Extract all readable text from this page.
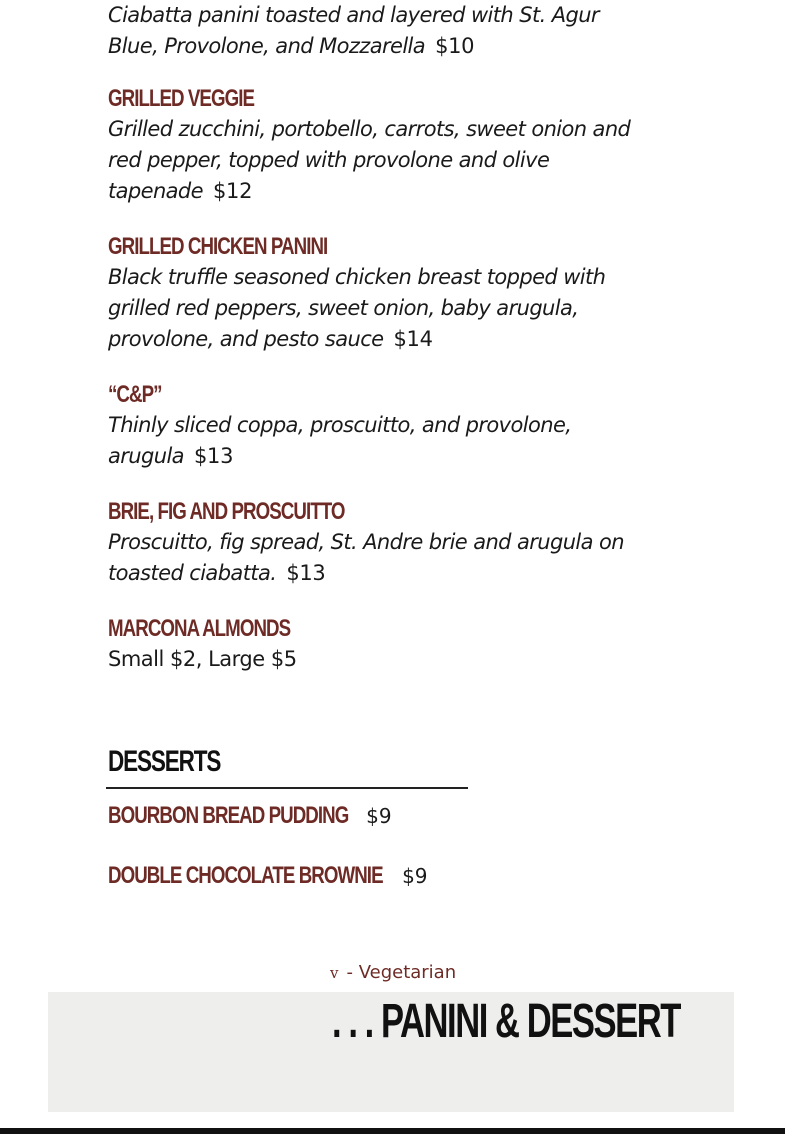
Ciabatta panini toasted and layered with St. Agur
Blue, Provolone, and Mozzarella $10
GRILLED VEGGIE
Grilled zucchini, portobello, carrots, sweet onion and
red pepper, topped with provolone and olive
tapenade $12
GRILLED CHICKEN PANINI
Black truffle seasoned chicken breast topped with
grilled red peppers, sweet onion, baby arugula,
provolone, and pesto sauce $14
“C&P”
Thinly sliced coppa, proscuitto, and provolone,
arugula $13
BRIE, FIG AND PROSCUITTO
Proscuitto, fig spread, St. Andre brie and arugula on
toasted ciabatta. $13
MARCONA ALMONDS
Small $2, Large $5
DESSERTS
BOURBON BREAD PUDDING $9
DOUBLE CHOCOLATE BROWNIE $9
v - Vegetarian
. . . PANINI & DESSERT
